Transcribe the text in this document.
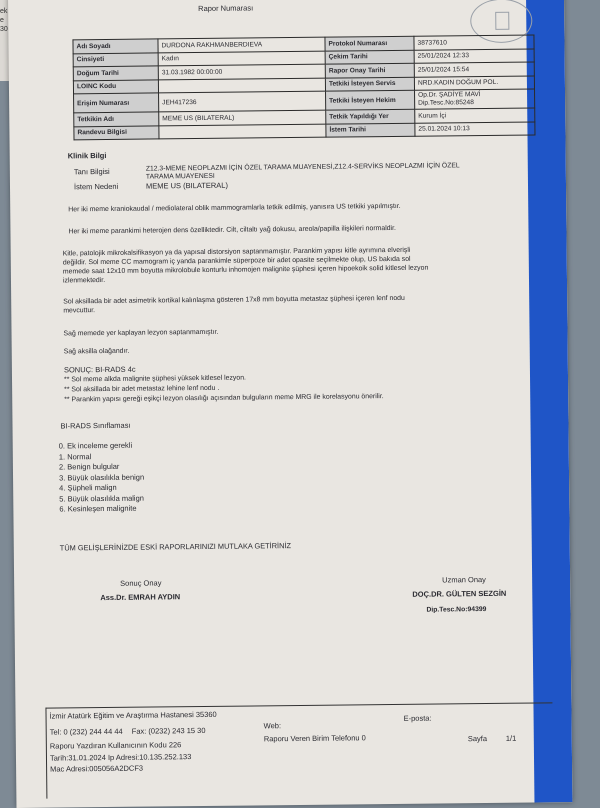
ek
e
30
Rapor Numarası
Adı Soyadı	DURDONA RAKHMANBERDIEVA	Protokol Numarası	38737610
Cinsiyeti	Kadın	Çekim Tarihi	25/01/2024 12:33
Doğum Tarihi	31.03.1982 00:00:00	Rapor Onay Tarihi	25/01/2024 15:54
LOINC Kodu		Tetkiki İsteyen Servis	NRD.KADIN DOĞUM POL.
Erişim Numarası	JEH417236	Tetkiki İsteyen Hekim	Op.Dr. ŞADİYE MAVİ
Dip.Tesc.No:85248
Tetkikin Adı	MEME US (BILATERAL)	Tetkik Yapıldığı Yer	Kurum İçi
Randevu Bilgisi		İstem Tarihi	25.01.2024 10:13
Klinik Bilgi
Tanı Bilgisi	Z12.3-MEME NEOPLAZMI İÇİN ÖZEL TARAMA MUAYENESİ,Z12.4-SERVİKS NEOPLAZMI İÇİN ÖZEL
TARAMA MUAYENESI
İstem Nedeni	MEME US (BILATERAL)
Her iki meme kraniokaudal / mediolateral oblik mammogramlarla tetkik edilmiş, yanısıra US tetkiki yapılmıştır.
Her iki meme parankimi heterojen dens özelliktedir. Cilt, ciltaltı yağ dokusu, areola/papilla ilişkileri normaldir.
Kitle, patolojik mikrokalsifikasyon ya da yapısal distorsiyon saptanmamıştır. Parankim yapısı kitle ayrımına elverişli
değildir. Sol meme CC mamogram iç yanda parankimle süperpoze bir adet opasite seçilmekte olup, US bakıda sol
memede saat 12x10 mm boyutta mikrolobule konturlu inhomojen malignite şüphesi içeren hipoekoik solid kitlesel lezyon
izlenmektedir.
Sol aksillada bir adet asimetrik kortikal kalınlaşma gösteren 17x8 mm boyutta metastaz şüphesi içeren lenf nodu
mevcuttur.
Sağ memede yer kaplayan lezyon saptanmamıştır.
Sağ aksilla olağandır.
SONUÇ: BI-RADS 4c
** Sol meme alkda malignite şüphesi yüksek kitlesel lezyon.
** Sol aksillada bir adet metastaz lehine lenf nodu .
** Parankim yapısı gereği eşikçi lezyon olasılığı açısından bulguların meme MRG ile korelasyonu önerilir.
BI-RADS Sınıflaması
0. Ek inceleme gerekli
1. Normal
2. Benign bulgular
3. Büyük olasılıkla benign
4. Şüpheli malign
5. Büyük olasılıkla malign
6. Kesinleşen malignite
TÜM GELİŞLERİNİZDE ESKİ RAPORLARINIZI MUTLAKA GETİRİNİZ
Sonuç Onay
Ass.Dr. EMRAH AYDIN
Uzman Onay
DOÇ.DR. GÜLTEN SEZGİN
Dip.Tesc.No:94399
İzmir Atatürk Eğitim ve Araştırma Hastanesi 35360
Tel: 0 (232) 244 44 44 Fax: (0232) 243 15 30
Web:
E-posta:
Raporu Yazdıran Kullanıcının Kodu 226
Raporu Veren Birim Telefonu 0	Sayfa 1/1
Tarih:31.01.2024 Ip Adresi:10.135.252.133
Mac Adresi:005056A2DCF3
